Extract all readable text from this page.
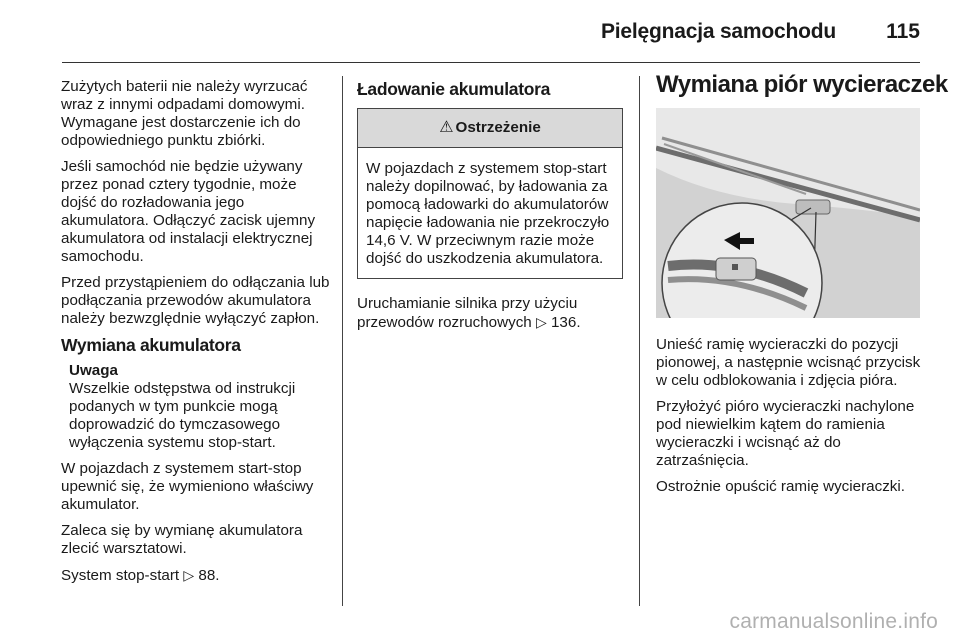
Pielęgnacja samochodu 115

Zużytych baterii nie należy wyrzucać wraz z innymi odpadami domowymi. Wymagane jest dostarczenie ich do odpowiedniego punktu zbiórki.

Jeśli samochód nie będzie używany przez ponad cztery tygodnie, może dojść do rozładowania jego akumulatora. Odłączyć zacisk ujemny akumulatora od instalacji elektrycznej samochodu.

Przed przystąpieniem do odłączania lub podłączania przewodów akumulatora należy bezwzględnie wyłączyć zapłon.

Wymiana akumulatora
Uwaga
Wszelkie odstępstwa od instrukcji podanych w tym punkcie mogą doprowadzić do tymczasowego wyłączenia systemu stop-start.

W pojazdach z systemem start-stop upewnić się, że wymieniono właściwy akumulator.

Zaleca się by wymianę akumulatora zlecić warsztatowi.

System stop-start ▷ 88.

Ładowanie akumulatora
⚠ Ostrzeżenie
W pojazdach z systemem stop-start należy dopilnować, by ładowania za pomocą ładowarki do akumulatorów napięcie ładowania nie przekroczyło 14,6 V. W przeciwnym razie może dojść do uszkodzenia akumulatora.

Uruchamianie silnika przy użyciu przewodów rozruchowych ▷ 136.

Wymiana piór wycieraczek

Unieść ramię wycieraczki do pozycji pionowej, a następnie wcisnąć przycisk w celu odblokowania i zdjęcia pióra.

Przyłożyć pióro wycieraczki nachylone pod niewielkim kątem do ramienia wycieraczki i wcisnąć aż do zatrzaśnięcia.

Ostrożnie opuścić ramię wycieraczki.

carmanualsonline.info
